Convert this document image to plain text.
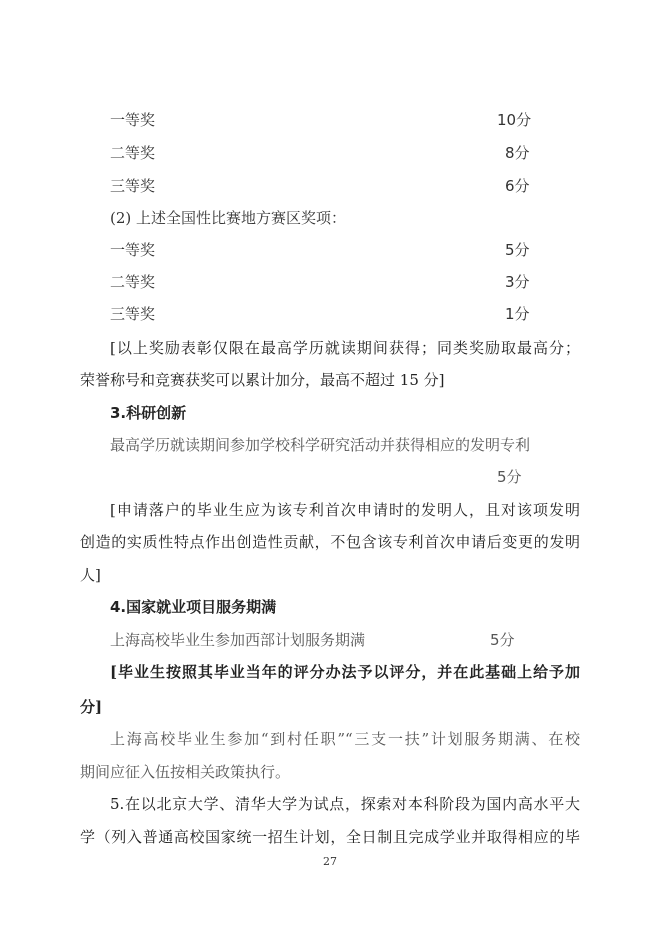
一等奖	10分
二等奖	8分
三等奖	6分
(2) 上述全国性比赛地方赛区奖项：
一等奖	5分
二等奖	3分
三等奖	1分
[以上奖励表彰仅限在最高学历就读期间获得；同类奖励取最高分；
荣誉称号和竞赛获奖可以累计加分，最高不超过 15 分]
3.科研创新
最高学历就读期间参加学校科学研究活动并获得相应的发明专利
5分
[申请落户的毕业生应为该专利首次申请时的发明人，且对该项发明
创造的实质性特点作出创造性贡献，不包含该专利首次申请后变更的发明
人]
4.国家就业项目服务期满
上海高校毕业生参加西部计划服务期满	5分
[毕业生按照其毕业当年的评分办法予以评分，并在此基础上给予加
分]
上海高校毕业生参加“到村任职”“三支一扶”计划服务期满、在校
期间应征入伍按相关政策执行。
5.在以北京大学、清华大学为试点，探索对本科阶段为国内高水平大
学（列入普通高校国家统一招生计划，全日制且完成学业并取得相应的毕
27
